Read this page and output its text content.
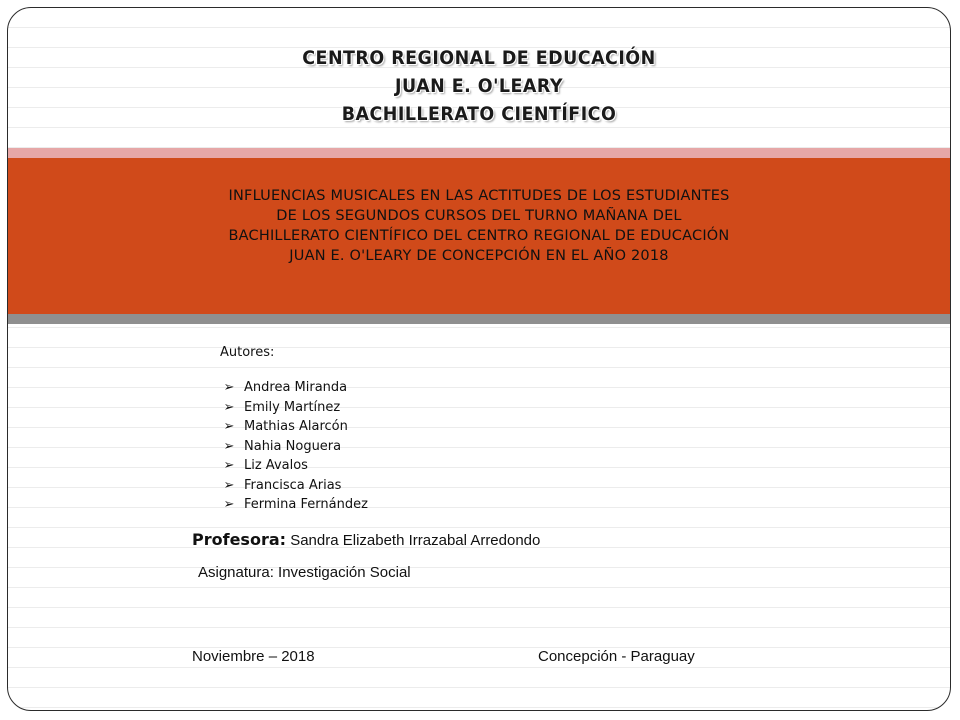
CENTRO REGIONAL DE EDUCACIÓN
JUAN E. O'LEARY
BACHILLERATO CIENTÍFICO
INFLUENCIAS MUSICALES EN LAS ACTITUDES DE LOS ESTUDIANTES
DE LOS SEGUNDOS CURSOS DEL TURNO MAÑANA DEL
BACHILLERATO CIENTÍFICO DEL CENTRO REGIONAL DE EDUCACIÓN
JUAN E. O'LEARY DE CONCEPCIÓN EN EL AÑO 2018
Autores:
➢ Andrea Miranda
➢ Emily Martínez
➢ Mathias Alarcón
➢ Nahia Noguera
➢ Liz Avalos
➢ Francisca Arias
➢ Fermina Fernández
Profesora: Sandra Elizabeth Irrazabal Arredondo
Asignatura: Investigación Social
Noviembre – 2018	Concepción - Paraguay
